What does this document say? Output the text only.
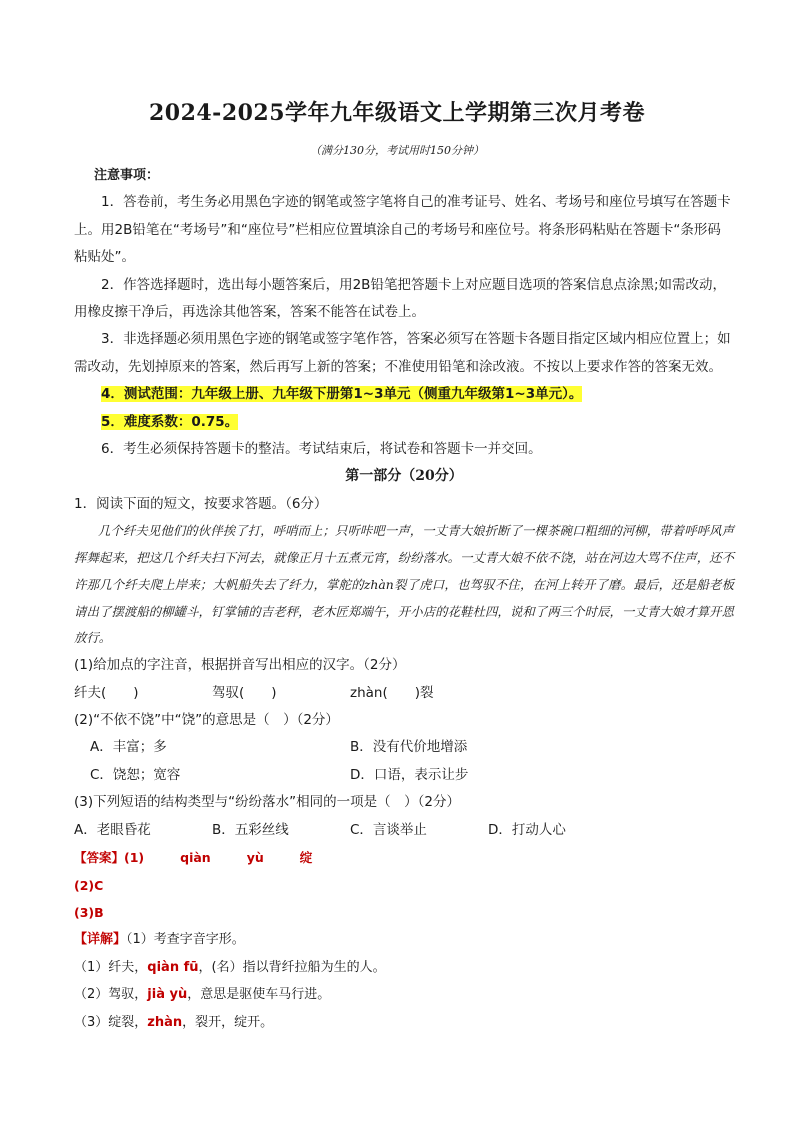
2024-2025学年九年级语文上学期第三次月考卷
（满分130分，考试用时150分钟）

注意事项：

1．答卷前，考生务必用黑色字迹的钢笔或签字笔将自己的准考证号、姓名、考场号和座位号填写在答题卡上。用2B铅笔在“考场号”和“座位号”栏相应位置填涂自己的考场号和座位号。将条形码粘贴在答题卡“条形码粘贴处”。

2．作答选择题时，选出每小题答案后，用2B铅笔把答题卡上对应题目选项的答案信息点涂黑;如需改动，用橡皮擦干净后，再选涂其他答案，答案不能答在试卷上。

3．非选择题必须用黑色字迹的钢笔或签字笔作答，答案必须写在答题卡各题目指定区域内相应位置上；如需改动，先划掉原来的答案，然后再写上新的答案；不准使用铅笔和涂改液。不按以上要求作答的答案无效。

4．测试范围：九年级上册、九年级下册第1~3单元（侧重九年级第1~3单元）。

5．难度系数：0.75。

6．考生必须保持答题卡的整洁。考试结束后，将试卷和答题卡一并交回。

第一部分（20分）

1．阅读下面的短文，按要求答题。（6分）

几个纤夫见他们的伙伴挨了打，呼哨而上；只听咔吧一声，一丈青大娘折断了一棵茶碗口粗细的河柳，带着呼呼风声挥舞起来，把这几个纤夫扫下河去，就像正月十五煮元宵，纷纷落水。一丈青大娘不依不饶，站在河边大骂不住声，还不许那几个纤夫爬上岸来；大帆船失去了纤力，掌舵的zhàn裂了虎口，也驾驭不住，在河上转开了磨。最后，还是船老板请出了摆渡船的柳罐斗，钉掌铺的吉老秤，老木匠郑端午，开小店的花鞋杜四，说和了两三个时辰，一丈青大娘才算开恩放行。

(1)给加点的字注音，根据拼音写出相应的汉字。（2分）

纤夫(　　)	驾驭(　　)	zhàn(　　)裂

(2)“不依不饶”中“饶”的意思是（　）（2分）

A．丰富；多	B．没有代价地增添
C．饶恕；宽容	D．口语，表示让步

(3)下列短语的结构类型与“纷纷落水”相同的一项是（　）（2分）

A．老眼昏花	B．五彩丝线	C．言谈举止	D．打动人心

【答案】(1)	qiàn	yù	绽

(2)C

(3)B

【详解】（1）考查字音字形。

（1）纤夫，qiàn fū，(名）指以背纤拉船为生的人。

（2）驾驭，jià yù，意思是驱使车马行进。

（3）绽裂，zhàn，裂开，绽开。
